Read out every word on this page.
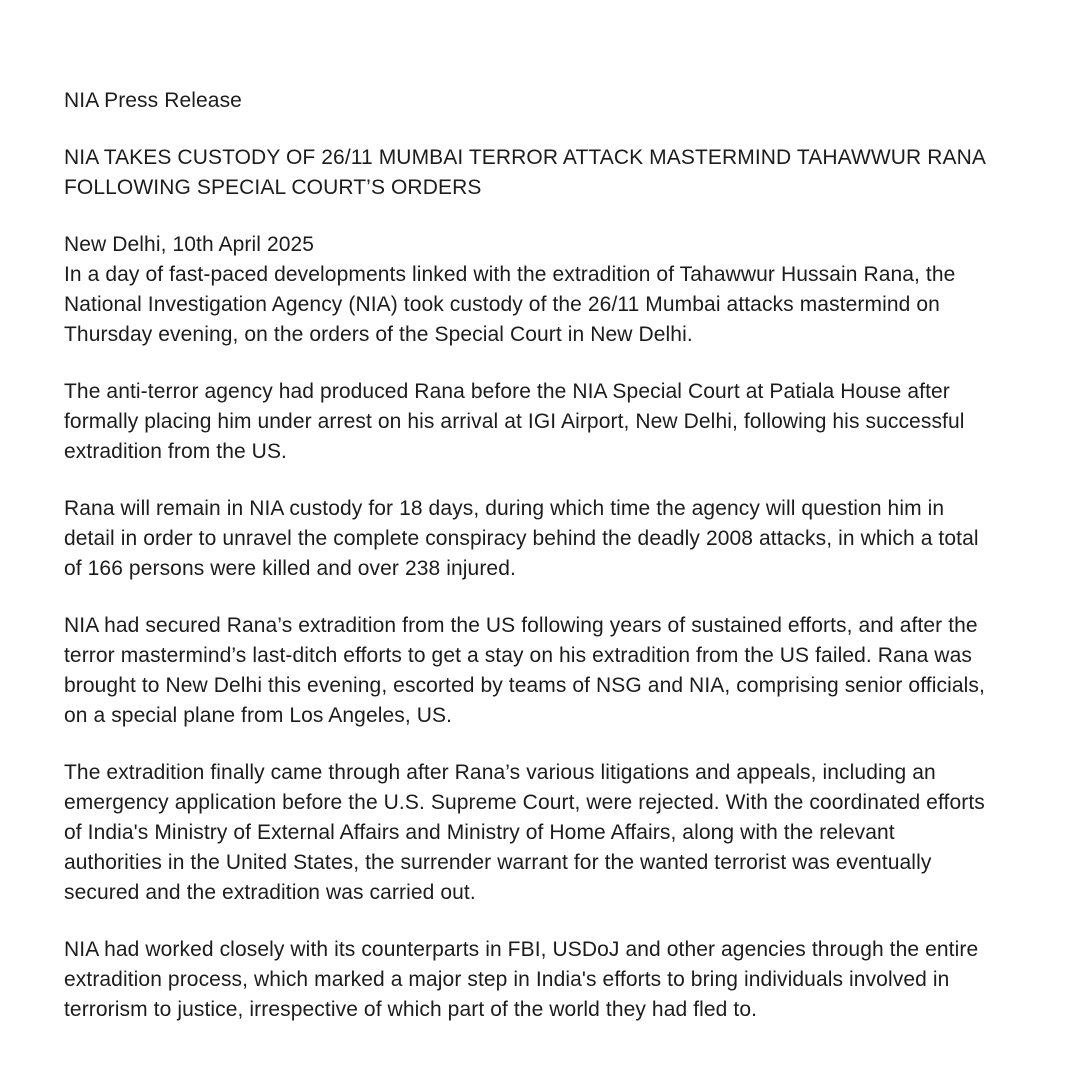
NIA Press Release

NIA TAKES CUSTODY OF 26/11 MUMBAI TERROR ATTACK MASTERMIND TAHAWWUR RANA FOLLOWING SPECIAL COURT’S ORDERS

New Delhi, 10th April 2025

In a day of fast-paced developments linked with the extradition of Tahawwur Hussain Rana, the National Investigation Agency (NIA) took custody of the 26/11 Mumbai attacks mastermind on Thursday evening, on the orders of the Special Court in New Delhi.

The anti-terror agency had produced Rana before the NIA Special Court at Patiala House after formally placing him under arrest on his arrival at IGI Airport, New Delhi, following his successful extradition from the US.

Rana will remain in NIA custody for 18 days, during which time the agency will question him in detail in order to unravel the complete conspiracy behind the deadly 2008 attacks, in which a total of 166 persons were killed and over 238 injured.

NIA had secured Rana’s extradition from the US following years of sustained efforts, and after the terror mastermind’s last-ditch efforts to get a stay on his extradition from the US failed. Rana was brought to New Delhi this evening, escorted by teams of NSG and NIA, comprising senior officials, on a special plane from Los Angeles, US.

The extradition finally came through after Rana’s various litigations and appeals, including an emergency application before the U.S. Supreme Court, were rejected. With the coordinated efforts of India's Ministry of External Affairs and Ministry of Home Affairs, along with the relevant authorities in the United States, the surrender warrant for the wanted terrorist was eventually secured and the extradition was carried out.

NIA had worked closely with its counterparts in FBI, USDoJ and other agencies through the entire extradition process, which marked a major step in India's efforts to bring individuals involved in terrorism to justice, irrespective of which part of the world they had fled to.
